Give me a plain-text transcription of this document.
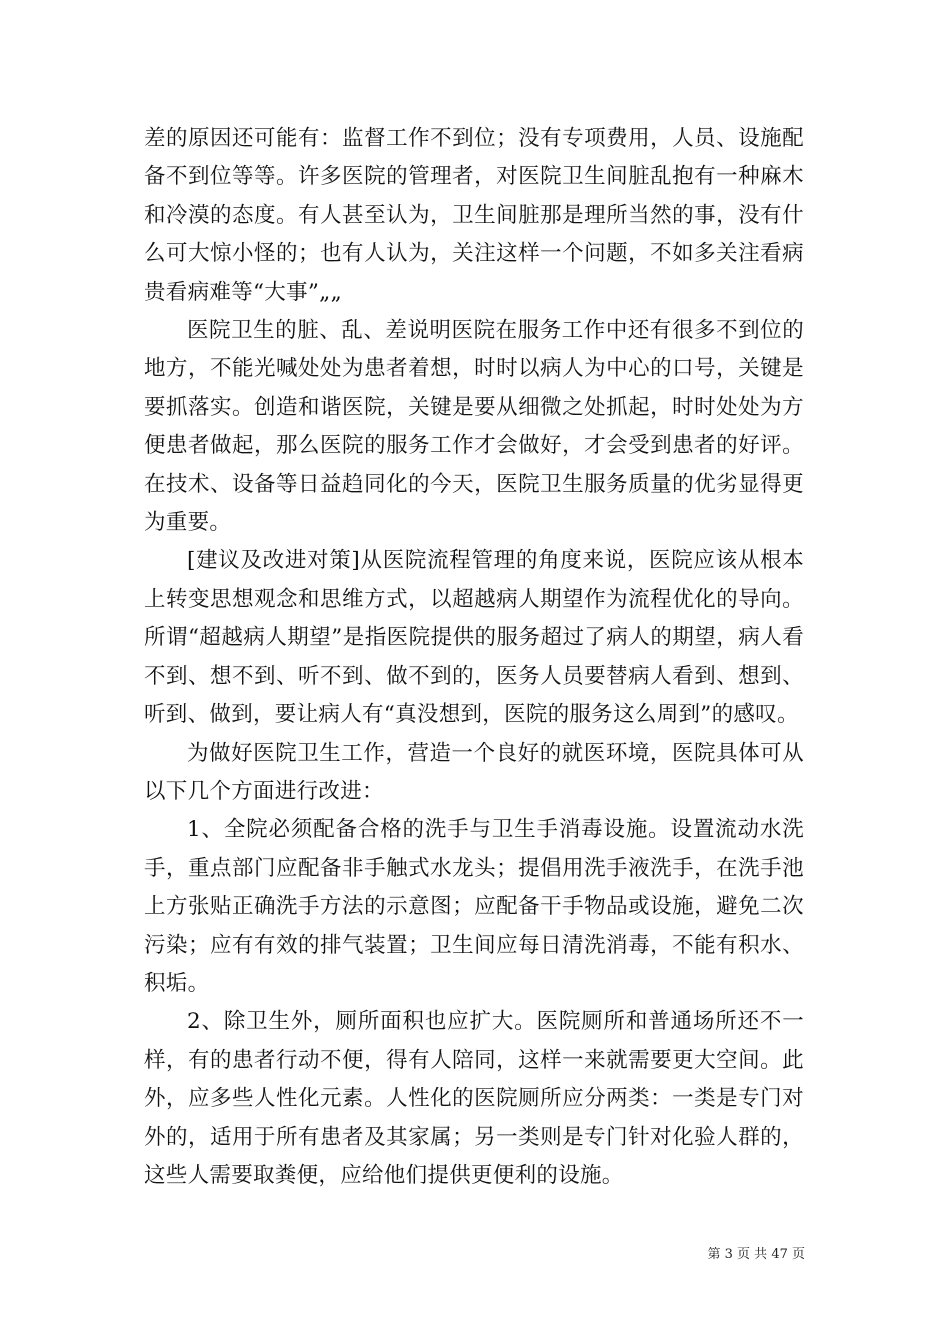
差的原因还可能有：监督工作不到位；没有专项费用，人员、设施配备不到位等等。许多医院的管理者，对医院卫生间脏乱抱有一种麻木和冷漠的态度。有人甚至认为，卫生间脏那是理所当然的事，没有什么可大惊小怪的；也有人认为，关注这样一个问题，不如多关注看病贵看病难等“大事”„„

医院卫生的脏、乱、差说明医院在服务工作中还有很多不到位的地方，不能光喊处处为患者着想，时时以病人为中心的口号，关键是要抓落实。创造和谐医院，关键是要从细微之处抓起，时时处处为方便患者做起，那么医院的服务工作才会做好，才会受到患者的好评。在技术、设备等日益趋同化的今天，医院卫生服务质量的优劣显得更为重要。

[建议及改进对策]从医院流程管理的角度来说，医院应该从根本上转变思想观念和思维方式，以超越病人期望作为流程优化的导向。所谓“超越病人期望”是指医院提供的服务超过了病人的期望，病人看不到、想不到、听不到、做不到的，医务人员要替病人看到、想到、听到、做到，要让病人有“真没想到，医院的服务这么周到”的感叹。

为做好医院卫生工作，营造一个良好的就医环境，医院具体可从以下几个方面进行改进：

1、全院必须配备合格的洗手与卫生手消毒设施。设置流动水洗手，重点部门应配备非手触式水龙头；提倡用洗手液洗手，在洗手池上方张贴正确洗手方法的示意图；应配备干手物品或设施，避免二次污染；应有有效的排气装置；卫生间应每日清洗消毒，不能有积水、积垢。

2、除卫生外，厕所面积也应扩大。医院厕所和普通场所还不一样，有的患者行动不便，得有人陪同，这样一来就需要更大空间。此外，应多些人性化元素。人性化的医院厕所应分两类：一类是专门对外的，适用于所有患者及其家属；另一类则是专门针对化验人群的，这些人需要取粪便，应给他们提供更便利的设施。

第 3 页 共 47 页
